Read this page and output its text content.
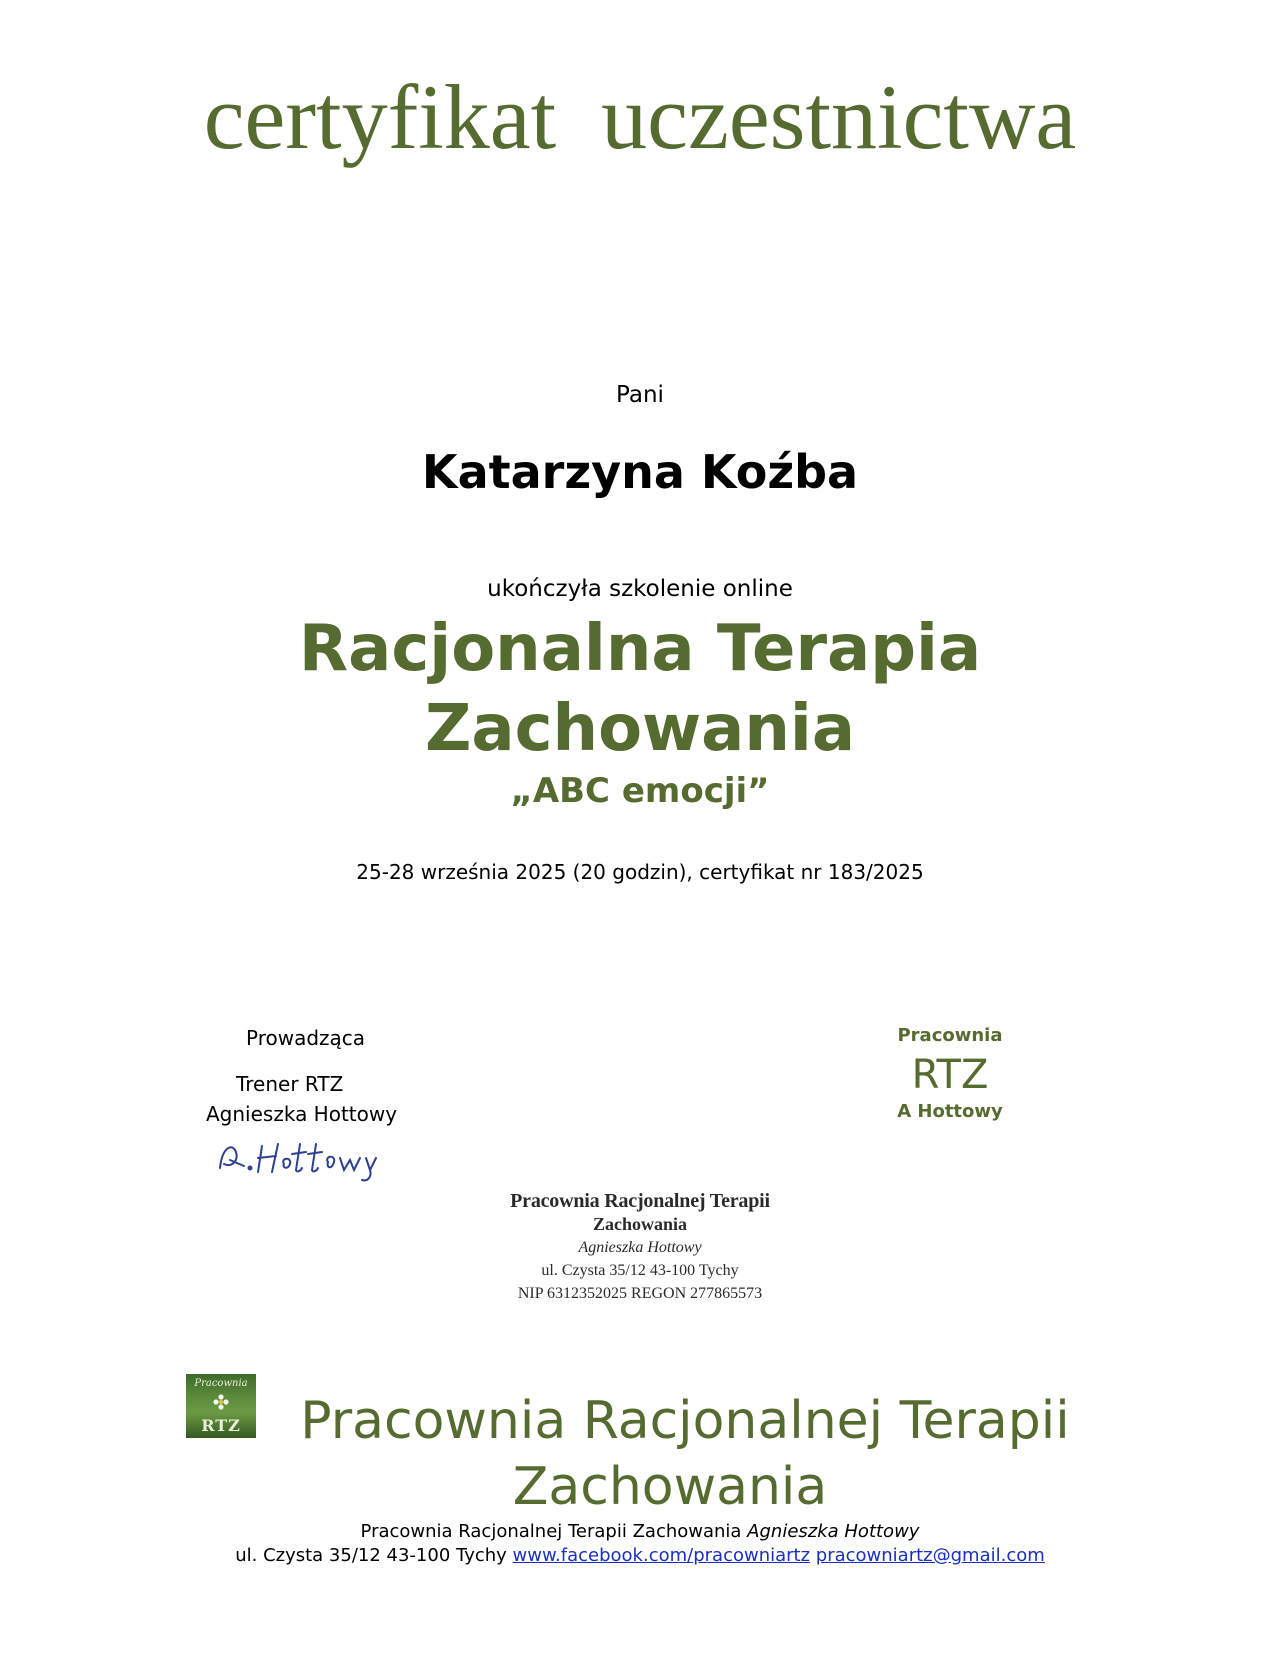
certyfikat uczestnictwa
Pani
Katarzyna Koźba
ukończyła szkolenie online
Racjonalna Terapia
Zachowania
„ABC emocji”
25-28 września 2025 (20 godzin), certyfikat nr 183/2025
Prowadząca
Trener RTZ
Agnieszka Hottowy
Pracownia
RTZ
A Hottowy
Pracownia Racjonalnej Terapii
Zachowania
Agnieszka Hottowy
ul. Czysta 35/12 43-100 Tychy
NIP 6312352025 REGON 277865573
Pracownia
RTZ	Pracownia Racjonalnej Terapii
Zachowania
Pracownia Racjonalnej Terapii Zachowania Agnieszka Hottowy
ul. Czysta 35/12 43-100 Tychy www.facebook.com/pracowniartz pracowniartz@gmail.com
